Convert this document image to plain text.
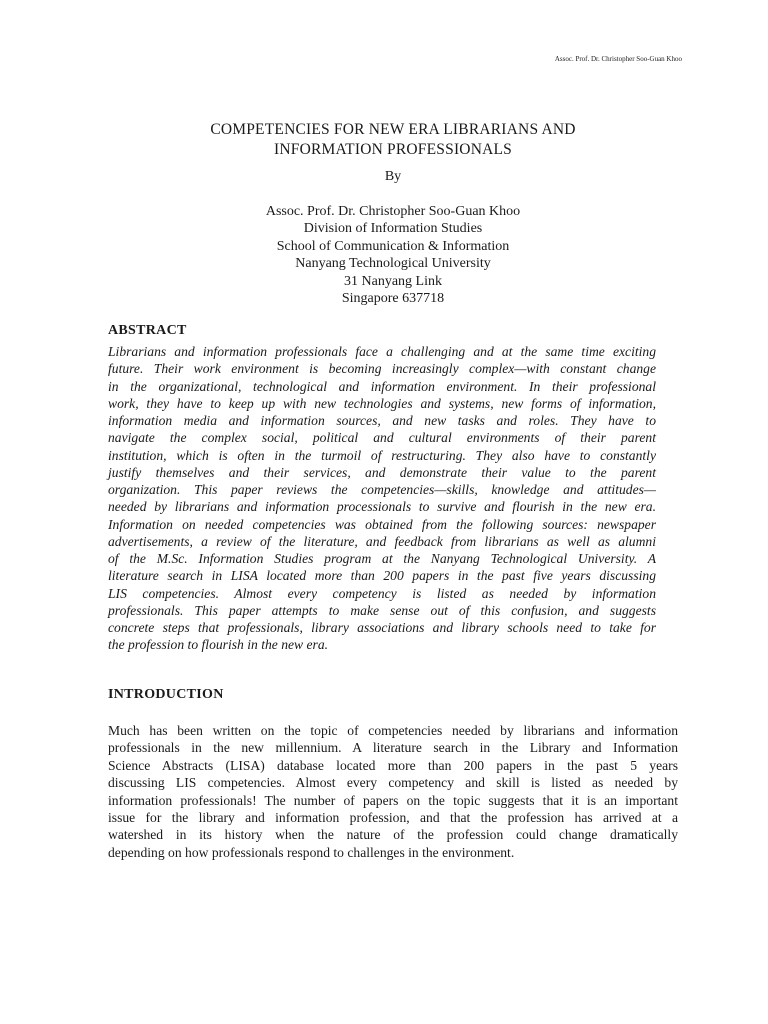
Assoc. Prof. Dr. Christopher Soo-Guan Khoo
COMPETENCIES FOR NEW ERA LIBRARIANS AND
INFORMATION PROFESSIONALS
By
Assoc. Prof. Dr. Christopher Soo-Guan Khoo
Division of Information Studies
School of Communication & Information
Nanyang Technological University
31 Nanyang Link
Singapore 637718
ABSTRACT
Librarians and information professionals face a challenging and at the same time exciting
future. Their work environment is becoming increasingly complex—with constant change
in the organizational, technological and information environment. In their professional
work, they have to keep up with new technologies and systems, new forms of information,
information media and information sources, and new tasks and roles. They have to
navigate the complex social, political and cultural environments of their parent
institution, which is often in the turmoil of restructuring. They also have to constantly
justify themselves and their services, and demonstrate their value to the parent
organization. This paper reviews the competencies—skills, knowledge and attitudes—
needed by librarians and information processionals to survive and flourish in the new era.
Information on needed competencies was obtained from the following sources: newspaper
advertisements, a review of the literature, and feedback from librarians as well as alumni
of the M.Sc. Information Studies program at the Nanyang Technological University. A
literature search in LISA located more than 200 papers in the past five years discussing
LIS competencies. Almost every competency is listed as needed by information
professionals. This paper attempts to make sense out of this confusion, and suggests
concrete steps that professionals, library associations and library schools need to take for
the profession to flourish in the new era.
INTRODUCTION
Much has been written on the topic of competencies needed by librarians and information
professionals in the new millennium. A literature search in the Library and Information
Science Abstracts (LISA) database located more than 200 papers in the past 5 years
discussing LIS competencies. Almost every competency and skill is listed as needed by
information professionals! The number of papers on the topic suggests that it is an important
issue for the library and information profession, and that the profession has arrived at a
watershed in its history when the nature of the profession could change dramatically
depending on how professionals respond to challenges in the environment.
